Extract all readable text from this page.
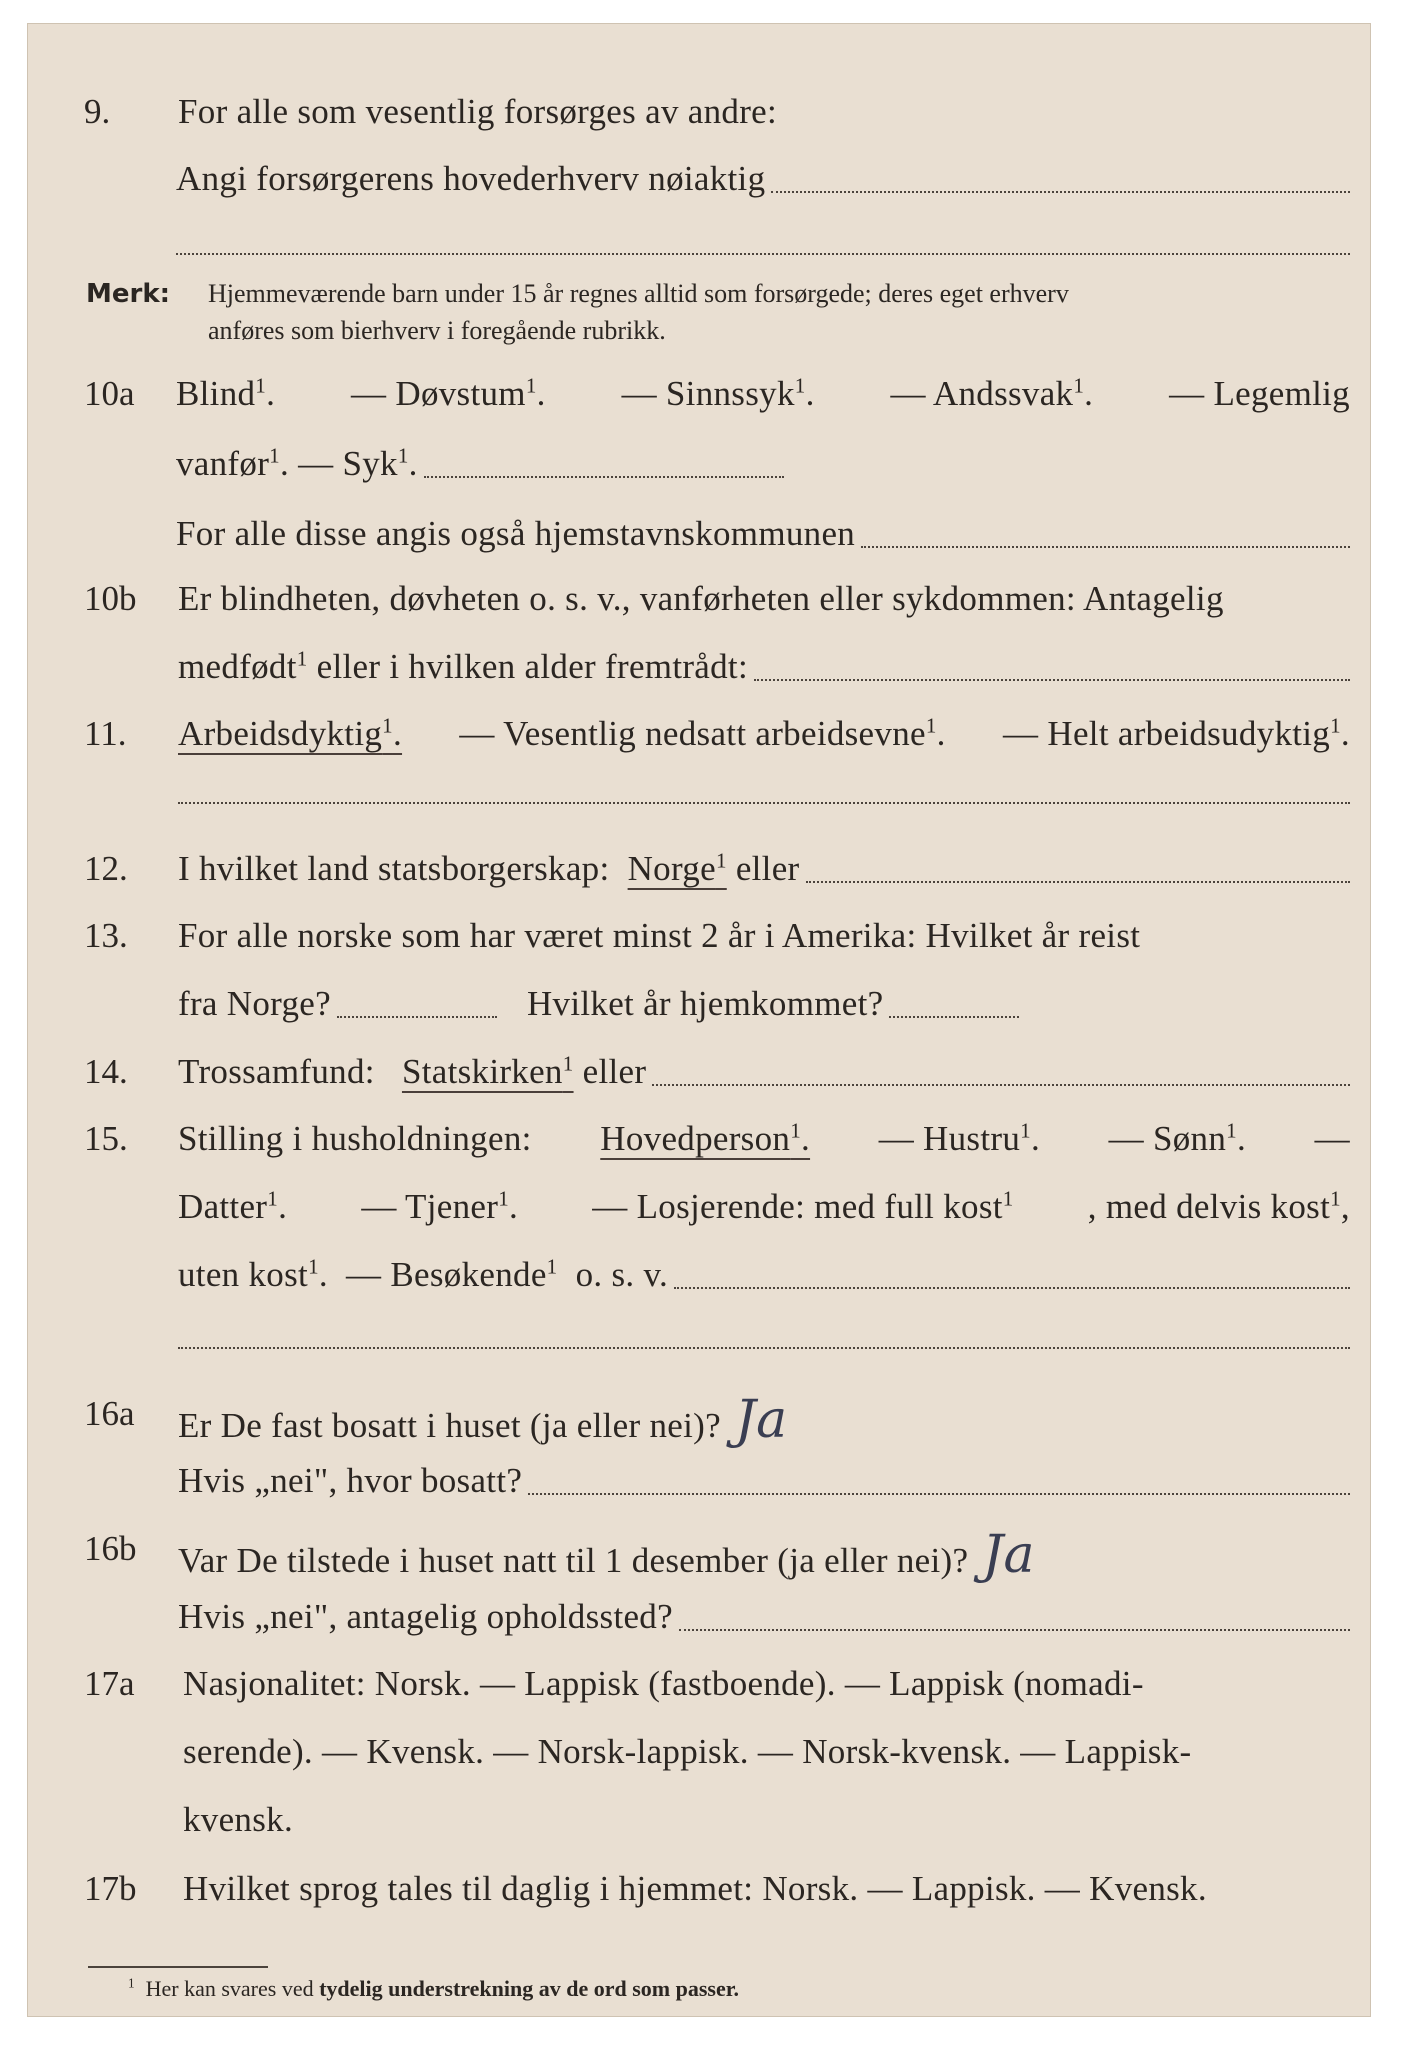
9.	For alle som vesentlig forsørges av andre:
Angi forsørgerens hovederhverv nøiaktig
Merk: Hjemmeværende barn under 15 år regnes alltid som forsørgede; deres eget erhverv
anføres som bierhverv i foregående rubrikk.
10a	Blind$^1$. — Døvstum$^1$. — Sinnssyk$^1$. — Andssvak$^1$. — Legemlig
vanfør$^1$.
— Syk$^1$.
For alle disse angis også hjemstavnskommunen
10b	Er blindheten, døvheten o. s. v., vanførheten eller sykdommen: Antagelig
medfødt$^1$
eller i hvilken alder fremtrådt:
11.	Arbeidsdyktig$^1$. — Vesentlig nedsatt arbeidsevne$^1$. — Helt arbeidsudyktig$^1$.
12.	I hvilket land statsborgerskap:
Norge$^1$
eller
13.	For alle norske som har været minst 2 år i Amerika: Hvilket år reist
fra Norge?	Hvilket år hjemkommet?
14.	Trossamfund:
Statskirken$^1$
eller
15.	Stilling i husholdningen: Hovedperson$^1$. — Hustru$^1$. — Sønn$^1$. —
Datter$^1$. — Tjener$^1$. — Losjerende: med full kost$^1$ , med delvis kost$^1$,
uten kost$^1$.
— Besøkende$^1$
o. s. v.
16a	Er De fast bosatt i huset (ja eller nei)? Ja
Hvis „nei", hvor bosatt?
16b	Var De tilstede i huset natt til 1 desember (ja eller nei)? Ja
Hvis „nei", antagelig opholdssted?
17a	Nasjonalitet: Norsk. — Lappisk (fastboende). — Lappisk (nomadi-
serende). — Kvensk. — Norsk-lappisk. — Norsk-kvensk. — Lappisk-
kvensk.
17b	Hvilket sprog tales til daglig i hjemmet: Norsk. — Lappisk. — Kvensk.
$^1$ Her kan svares ved tydelig understrekning av de ord som passer.
